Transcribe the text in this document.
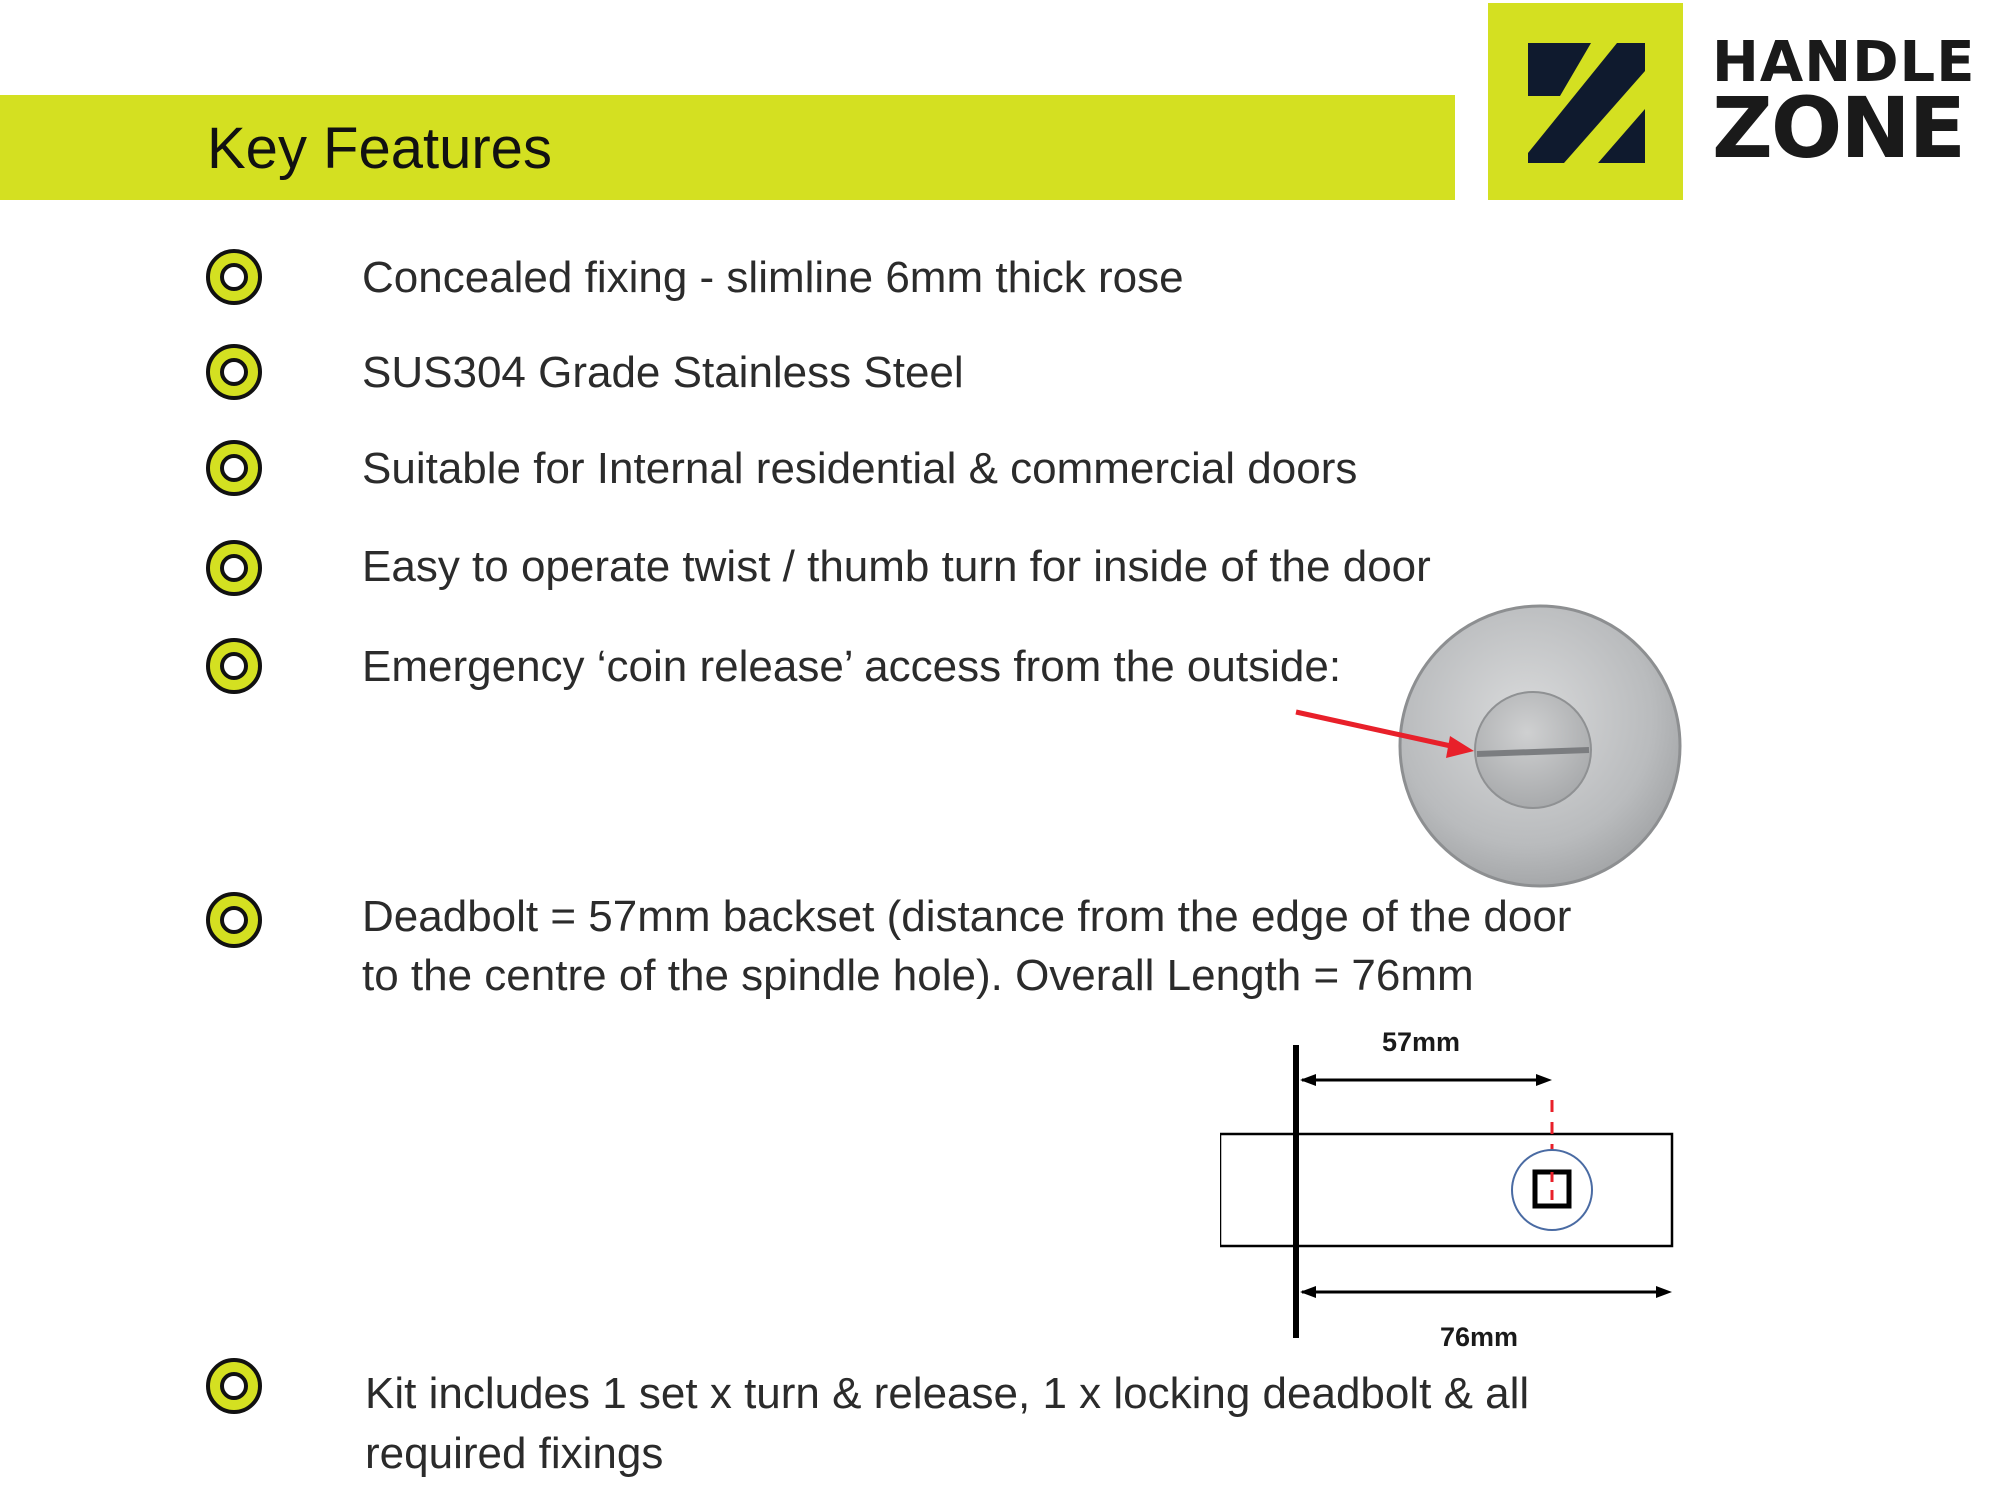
Key Features
HANDLE
ZONE
Concealed fixing - slimline 6mm thick rose
SUS304 Grade Stainless Steel
Suitable for Internal residential & commercial doors
Easy to operate twist / thumb turn for inside of the door
Emergency ‘coin release’ access from the outside:
Deadbolt = 57mm backset (distance from the edge of the door
to the centre of the spindle hole). Overall Length = 76mm
Kit includes 1 set x turn & release, 1 x locking deadbolt & all
required fixings
57mm
76mm
